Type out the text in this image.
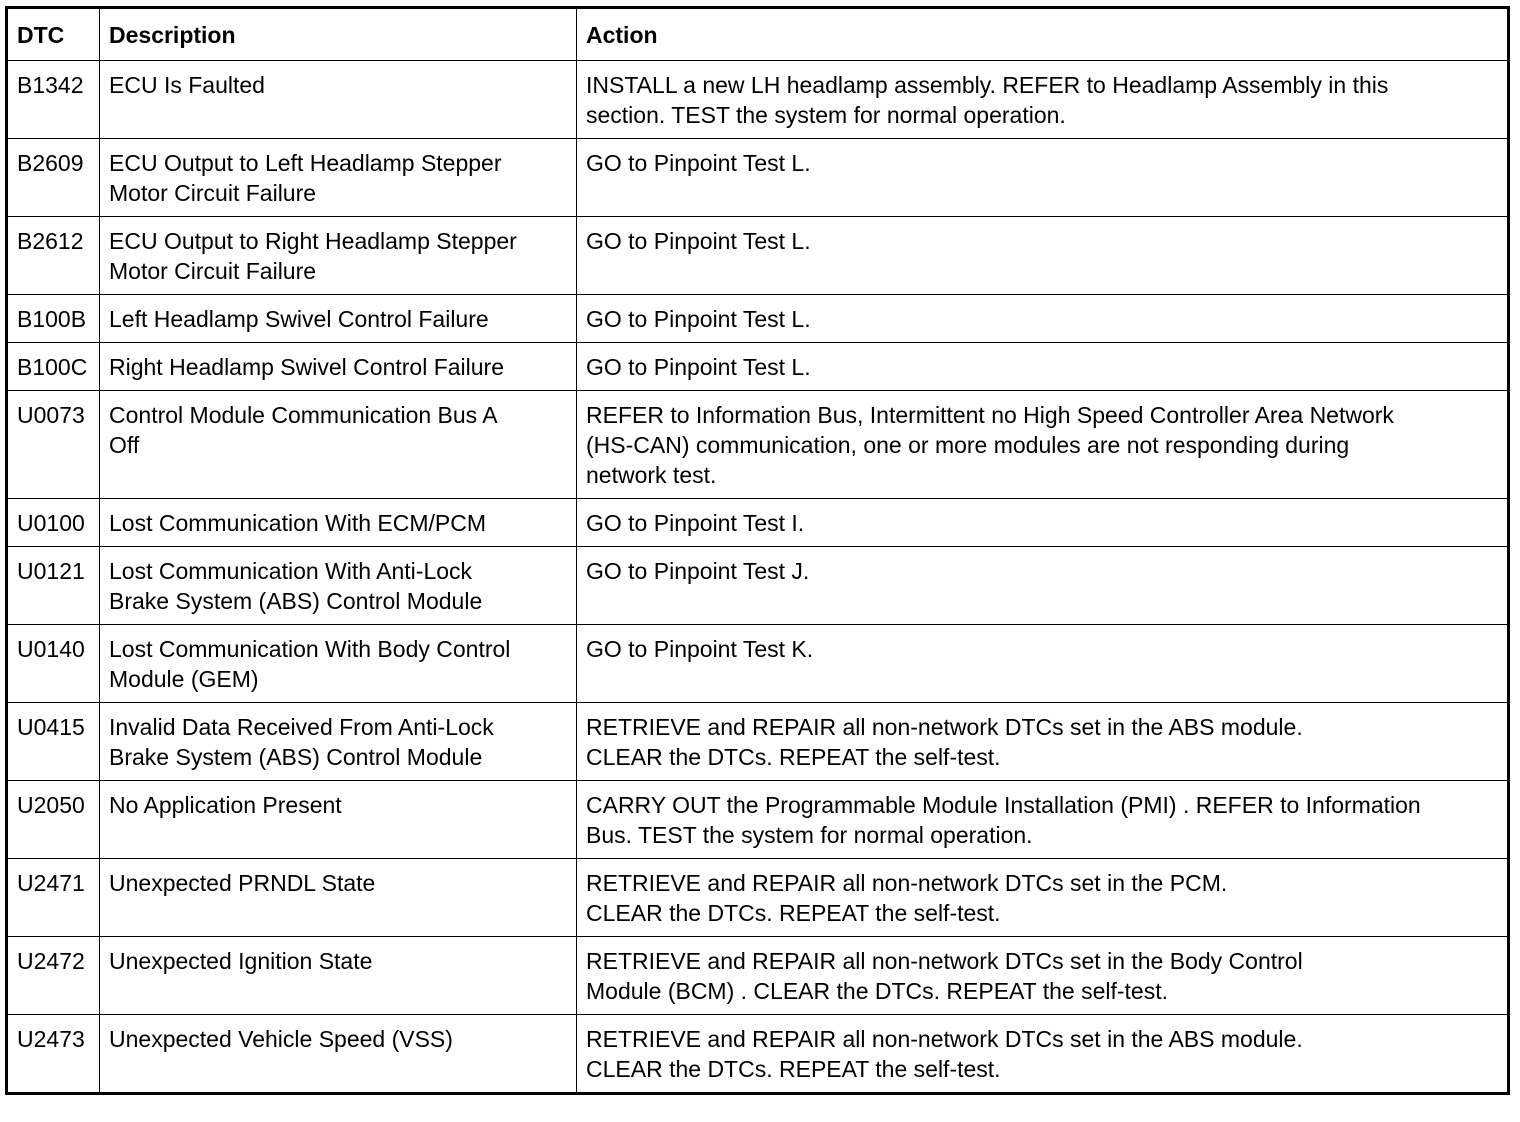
DTC	Description	Action
B1342	ECU Is Faulted	INSTALL a new LH headlamp assembly. REFER to Headlamp Assembly in this
section. TEST the system for normal operation.
B2609	ECU Output to Left Headlamp Stepper
Motor Circuit Failure	GO to Pinpoint Test L.
B2612	ECU Output to Right Headlamp Stepper
Motor Circuit Failure	GO to Pinpoint Test L.
B100B	Left Headlamp Swivel Control Failure	GO to Pinpoint Test L.
B100C	Right Headlamp Swivel Control Failure	GO to Pinpoint Test L.
U0073	Control Module Communication Bus A
Off	REFER to Information Bus, Intermittent no High Speed Controller Area Network
(HS-CAN) communication, one or more modules are not responding during
network test.
U0100	Lost Communication With ECM/PCM	GO to Pinpoint Test I.
U0121	Lost Communication With Anti-Lock
Brake System (ABS) Control Module	GO to Pinpoint Test J.
U0140	Lost Communication With Body Control
Module (GEM)	GO to Pinpoint Test K.
U0415	Invalid Data Received From Anti-Lock
Brake System (ABS) Control Module	RETRIEVE and REPAIR all non-network DTCs set in the ABS module.
CLEAR the DTCs. REPEAT the self-test.
U2050	No Application Present	CARRY OUT the Programmable Module Installation (PMI) . REFER to Information
Bus. TEST the system for normal operation.
U2471	Unexpected PRNDL State	RETRIEVE and REPAIR all non-network DTCs set in the PCM.
CLEAR the DTCs. REPEAT the self-test.
U2472	Unexpected Ignition State	RETRIEVE and REPAIR all non-network DTCs set in the Body Control
Module (BCM) . CLEAR the DTCs. REPEAT the self-test.

U2473	Unexpected Vehicle Speed (VSS)	RETRIEVE and REPAIR all non-network DTCs set in the ABS module.
CLEAR the DTCs. REPEAT the self-test.
